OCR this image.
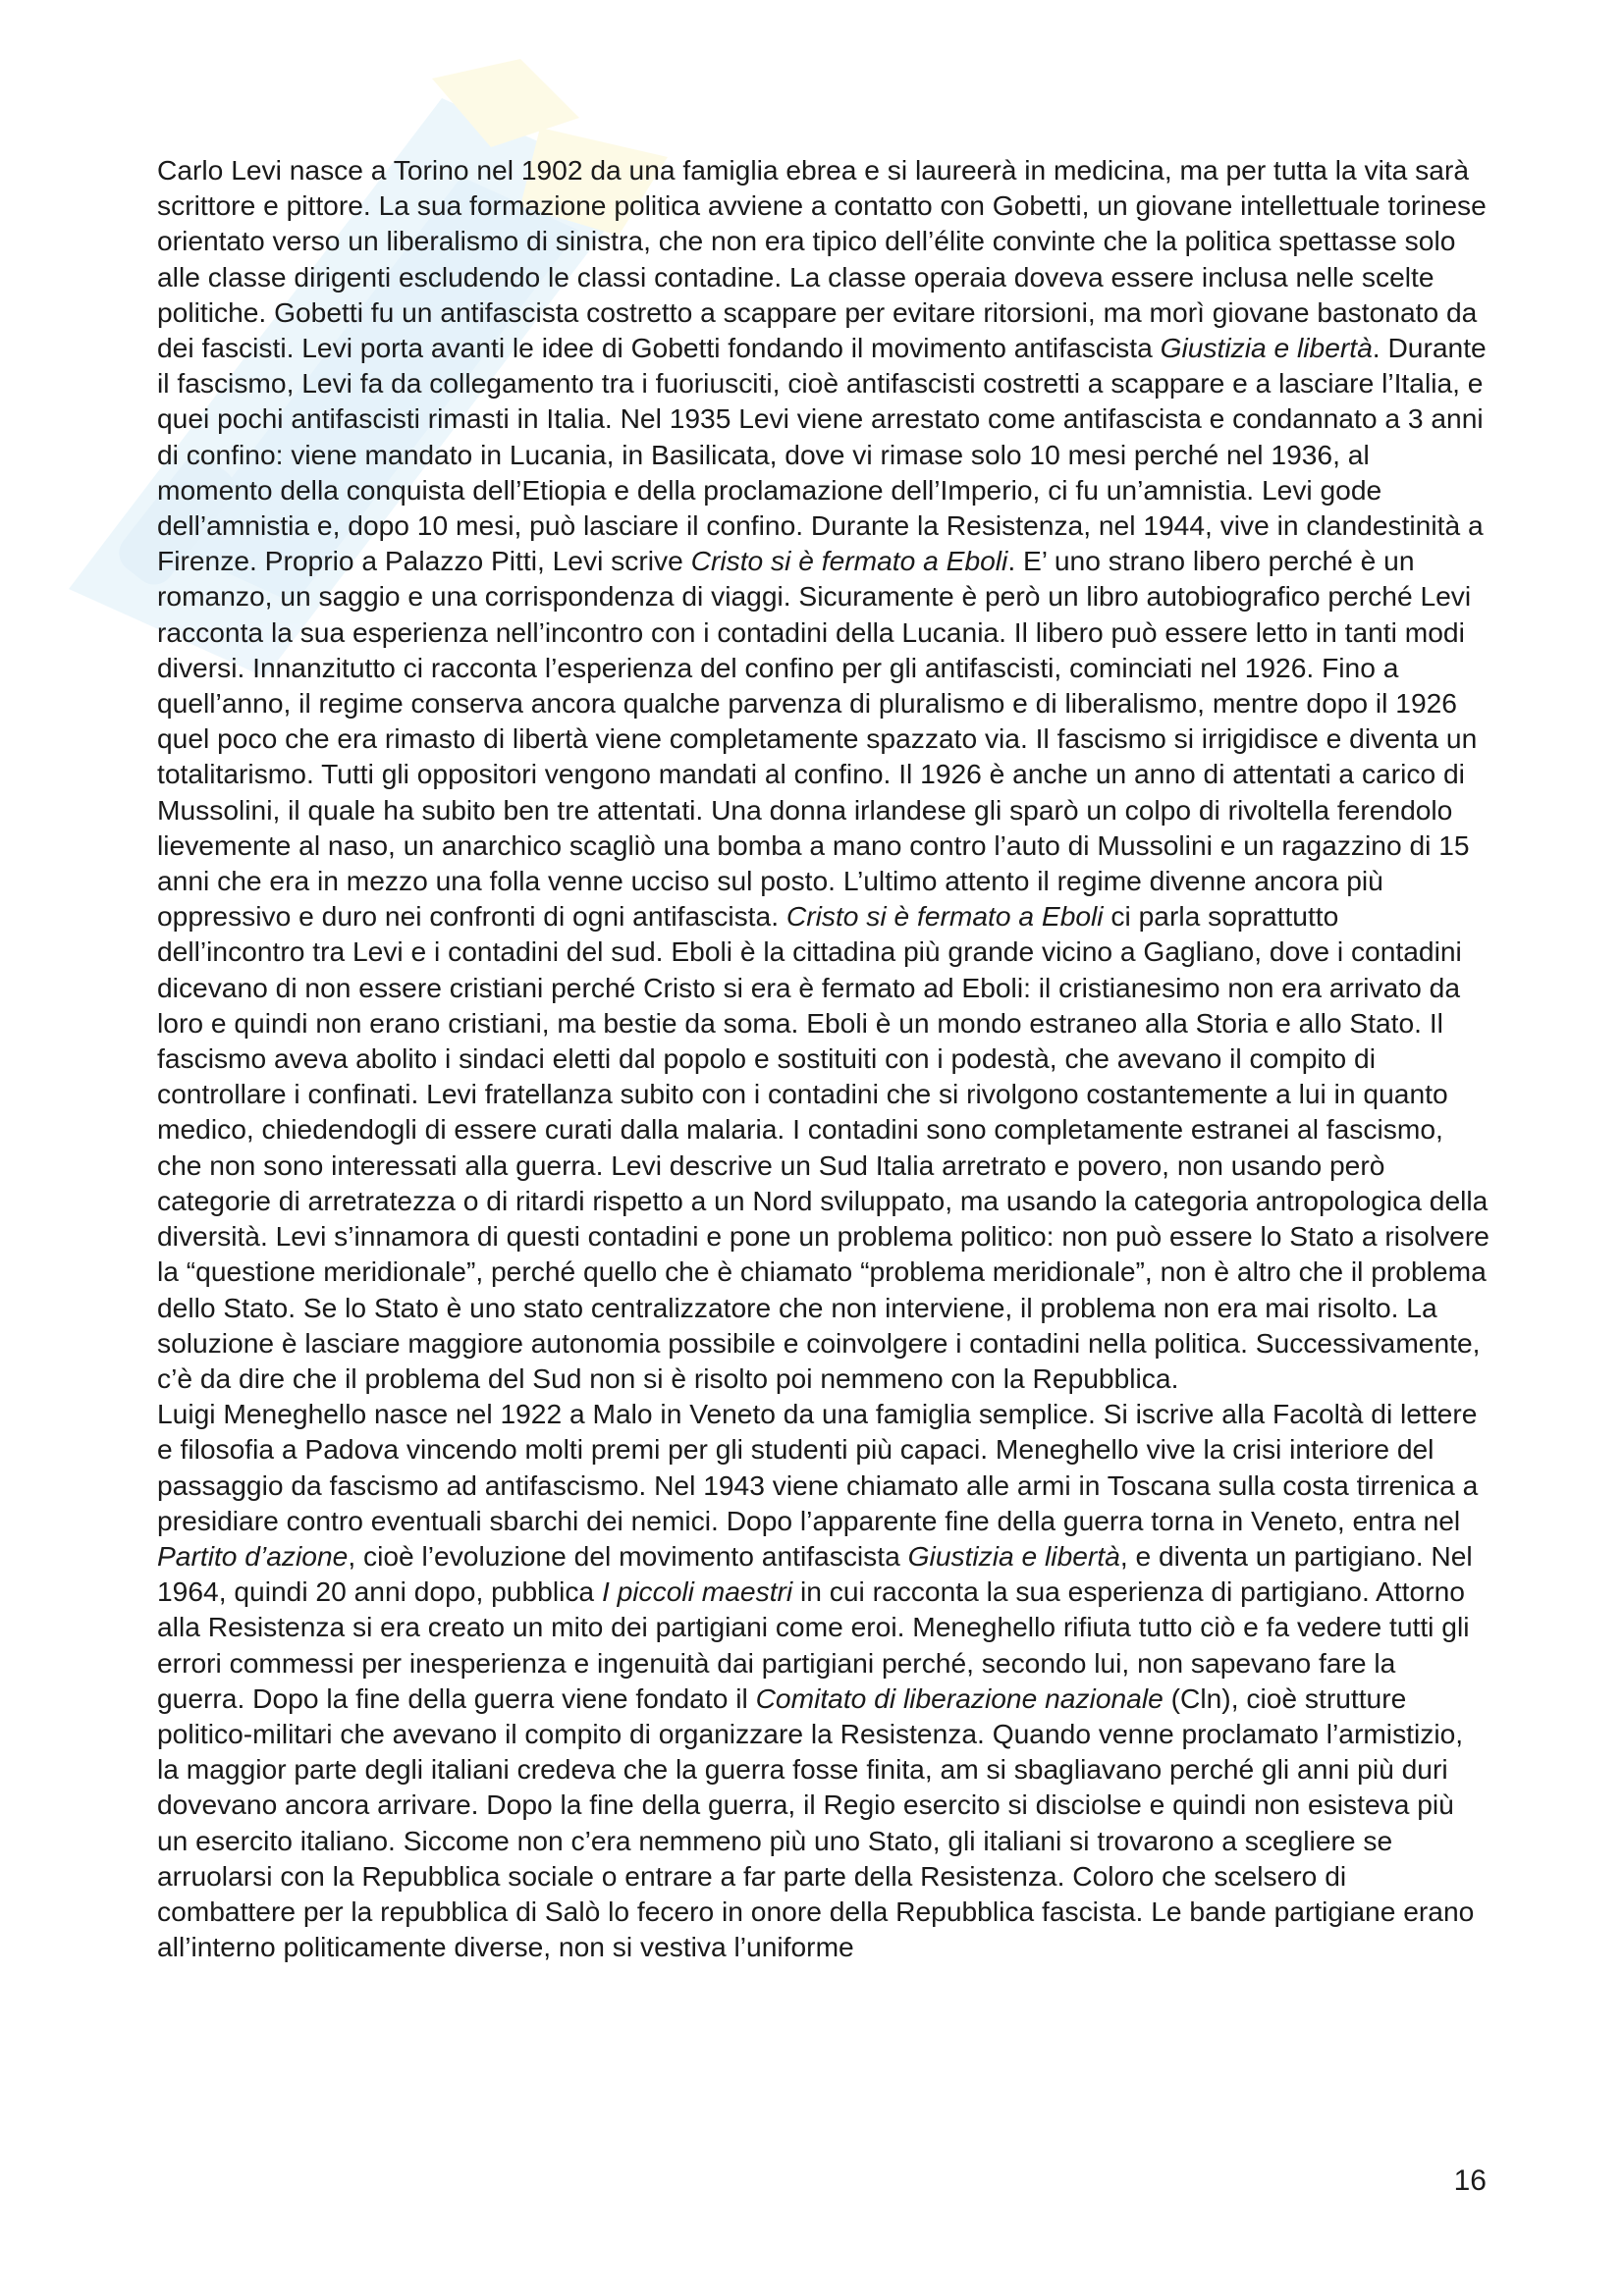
Carlo Levi nasce a Torino nel 1902 da una famiglia ebrea e si laureerà in medicina, ma per tutta la vita sarà scrittore e pittore. La sua formazione politica avviene a contatto con Gobetti, un giovane intellettuale torinese orientato verso un liberalismo di sinistra, che non era tipico dell’élite convinte che la politica spettasse solo alle classe dirigenti escludendo le classi contadine. La classe operaia doveva essere inclusa nelle scelte politiche. Gobetti fu un antifascista costretto a scappare per evitare ritorsioni, ma morì giovane bastonato da dei fascisti. Levi porta avanti le idee di Gobetti fondando il movimento antifascista Giustizia e libertà. Durante il fascismo, Levi fa da collegamento tra i fuoriusciti, cioè antifascisti costretti a scappare e a lasciare l’Italia, e quei pochi antifascisti rimasti in Italia. Nel 1935 Levi viene arrestato come antifascista e condannato a 3 anni di confino: viene mandato in Lucania, in Basilicata, dove vi rimase solo 10 mesi perché nel 1936, al momento della conquista dell’Etiopia e della proclamazione dell’Imperio, ci fu un’amnistia. Levi gode dell’amnistia e, dopo 10 mesi, può lasciare il confino. Durante la Resistenza, nel 1944, vive in clandestinità a Firenze. Proprio a Palazzo Pitti, Levi scrive Cristo si è fermato a Eboli. E’ uno strano libero perché è un romanzo, un saggio e una corrispondenza di viaggi. Sicuramente è però un libro autobiografico perché Levi racconta la sua esperienza nell’incontro con i contadini della Lucania. Il libero può essere letto in tanti modi diversi. Innanzitutto ci racconta l’esperienza del confino per gli antifascisti, cominciati nel 1926. Fino a quell’anno, il regime conserva ancora qualche parvenza di pluralismo e di liberalismo, mentre dopo il 1926 quel poco che era rimasto di libertà viene completamente spazzato via. Il fascismo si irrigidisce e diventa un totalitarismo. Tutti gli oppositori vengono mandati al confino. Il 1926 è anche un anno di attentati a carico di Mussolini, il quale ha subito ben tre attentati. Una donna irlandese gli sparò un colpo di rivoltella ferendolo lievemente al naso, un anarchico scagliò una bomba a mano contro l’auto di Mussolini e un ragazzino di 15 anni che era in mezzo una folla venne ucciso sul posto. L’ultimo attento il regime divenne ancora più oppressivo e duro nei confronti di ogni antifascista. Cristo si è fermato a Eboli ci parla soprattutto dell’incontro tra Levi e i contadini del sud. Eboli è la cittadina più grande vicino a Gagliano, dove i contadini dicevano di non essere cristiani perché Cristo si era è fermato ad Eboli: il cristianesimo non era arrivato da loro e quindi non erano cristiani, ma bestie da soma. Eboli è un mondo estraneo alla Storia e allo Stato. Il fascismo aveva abolito i sindaci eletti dal popolo e sostituiti con i podestà, che avevano il compito di controllare i confinati. Levi fratellanza subito con i contadini che si rivolgono costantemente a lui in quanto medico, chiedendogli di essere curati dalla malaria. I contadini sono completamente estranei al fascismo, che non sono interessati alla guerra. Levi descrive un Sud Italia arretrato e povero, non usando però categorie di arretratezza o di ritardi rispetto a un Nord sviluppato, ma usando la categoria antropologica della diversità. Levi s’innamora di questi contadini e pone un problema politico: non può essere lo Stato a risolvere la “questione meridionale”, perché quello che è chiamato “problema meridionale”, non è altro che il problema dello Stato. Se lo Stato è uno stato centralizzatore che non interviene, il problema non era mai risolto. La soluzione è lasciare maggiore autonomia possibile e coinvolgere i contadini nella politica. Successivamente, c’è da dire che il problema del Sud non si è risolto poi nemmeno con la Repubblica.

Luigi Meneghello nasce nel 1922 a Malo in Veneto da una famiglia semplice. Si iscrive alla Facoltà di lettere e filosofia a Padova vincendo molti premi per gli studenti più capaci. Meneghello vive la crisi interiore del passaggio da fascismo ad antifascismo. Nel 1943 viene chiamato alle armi in Toscana sulla costa tirrenica a presidiare contro eventuali sbarchi dei nemici. Dopo l’apparente fine della guerra torna in Veneto, entra nel Partito d’azione, cioè l’evoluzione del movimento antifascista Giustizia e libertà, e diventa un partigiano. Nel 1964, quindi 20 anni dopo, pubblica I piccoli maestri in cui racconta la sua esperienza di partigiano. Attorno alla Resistenza si era creato un mito dei partigiani come eroi. Meneghello rifiuta tutto ciò e fa vedere tutti gli errori commessi per inesperienza e ingenuità dai partigiani perché, secondo lui, non sapevano fare la guerra. Dopo la fine della guerra viene fondato il Comitato di liberazione nazionale (Cln), cioè strutture politico-militari che avevano il compito di organizzare la Resistenza. Quando venne proclamato l’armistizio, la maggior parte degli italiani credeva che la guerra fosse finita, am si sbagliavano perché gli anni più duri dovevano ancora arrivare. Dopo la fine della guerra, il Regio esercito si disciolse e quindi non esisteva più un esercito italiano. Siccome non c’era nemmeno più uno Stato, gli italiani si trovarono a scegliere se arruolarsi con la Repubblica sociale o entrare a far parte della Resistenza. Coloro che scelsero di combattere per la repubblica di Salò lo fecero in onore della Repubblica fascista. Le bande partigiane erano all’interno politicamente diverse, non si vestiva l’uniforme

16
